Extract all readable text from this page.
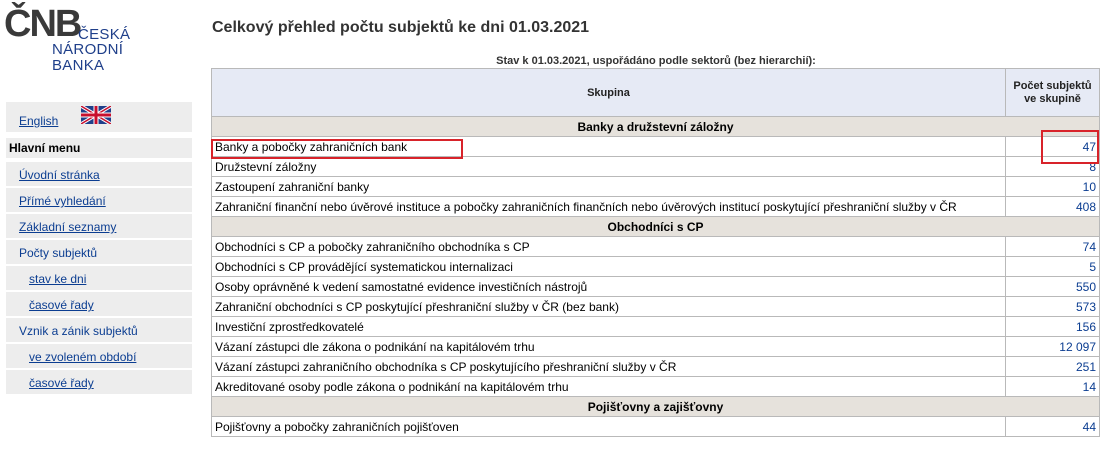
ČNB
ČESKÁ
NÁRODNÍ
BANKA
English
Hlavní menu
Úvodní stránka
Přímé vyhledání
Základní seznamy
Počty subjektů
stav ke dni
časové řady
Vznik a zánik subjektů
ve zvoleném období
časové řady
Celkový přehled počtu subjektů ke dni 01.03.2021
Stav k 01.03.2021, uspořádáno podle sektorů (bez hierarchií):
Skupina	Počet subjektů ve skupině
Banky a družstevní záložny	
Banky a pobočky zahraničních bank	47
Družstevní záložny	8
Zastoupení zahraniční banky	10
Zahraniční finanční nebo úvěrové instituce a pobočky zahraničních finančních nebo úvěrových institucí poskytující přeshraniční služby v ČR	408
Obchodníci s CP	
Obchodníci s CP a pobočky zahraničního obchodníka s CP	74
Obchodníci s CP provádějící systematickou internalizaci	5
Osoby oprávněné k vedení samostatné evidence investičních nástrojů	550
Zahraniční obchodníci s CP poskytující přeshraniční služby v ČR (bez bank)	573
Investiční zprostředkovatelé	156
Vázaní zástupci dle zákona o podnikání na kapitálovém trhu	12 097
Vázaní zástupci zahraničního obchodníka s CP poskytujícího přeshraniční služby v ČR	251
Akreditované osoby podle zákona o podnikání na kapitálovém trhu	14
Pojišťovny a zajišťovny	
Pojišťovny a pobočky zahraničních pojišťoven	44
